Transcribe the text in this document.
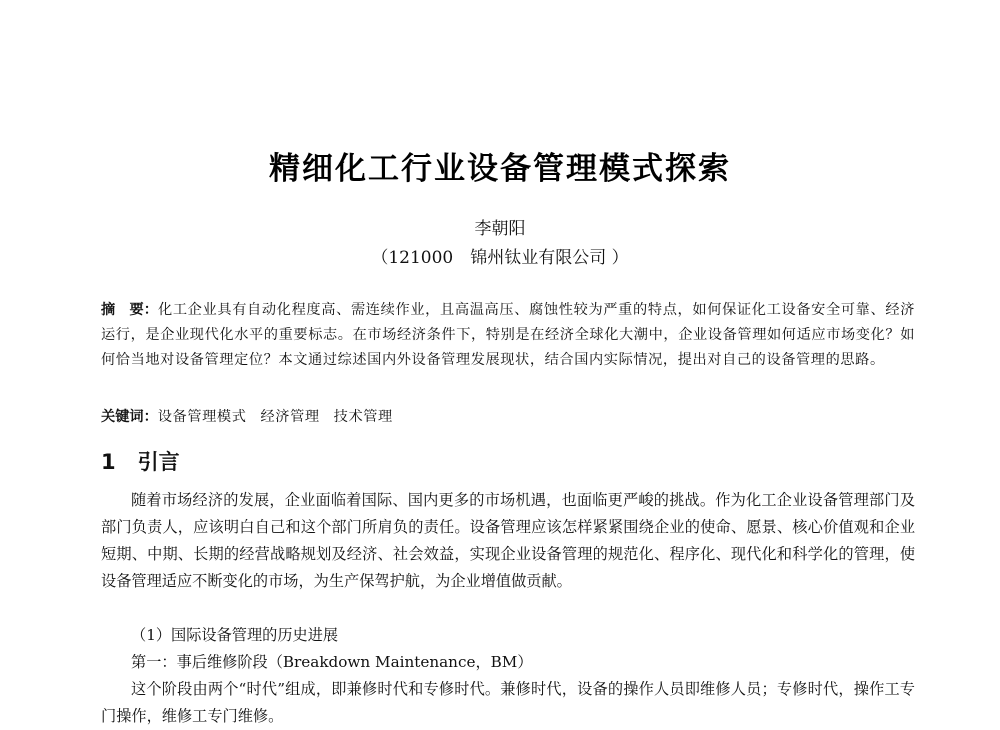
精细化工行业设备管理模式探索
李朝阳
（121000　锦州钛业有限公司 ）
摘　要：化工企业具有自动化程度高、需连续作业，且高温高压、腐蚀性较为严重的特点，如何保证化工设备安全可靠、经济运行，是企业现代化水平的重要标志。在市场经济条件下，特别是在经济全球化大潮中，企业设备管理如何适应市场变化？如何恰当地对设备管理定位？本文通过综述国内外设备管理发展现状，结合国内实际情况，提出对自己的设备管理的思路。
关键词：设备管理模式 经济管理 技术管理
1 引言
随着市场经济的发展，企业面临着国际、国内更多的市场机遇，也面临更严峻的挑战。作为化工企业设备管理部门及部门负责人，应该明白自己和这个部门所肩负的责任。设备管理应该怎样紧紧围绕企业的使命、愿景、核心价值观和企业短期、中期、长期的经营战略规划及经济、社会效益，实现企业设备管理的规范化、程序化、现代化和科学化的管理，使设备管理适应不断变化的市场，为生产保驾护航，为企业增值做贡献。
（1）国际设备管理的历史进展
第一：事后维修阶段（Breakdown Maintenance，BM）
这个阶段由两个“时代”组成，即兼修时代和专修时代。兼修时代，设备的操作人员即维修人员；专修时代，操作工专门操作，维修工专门维修。
